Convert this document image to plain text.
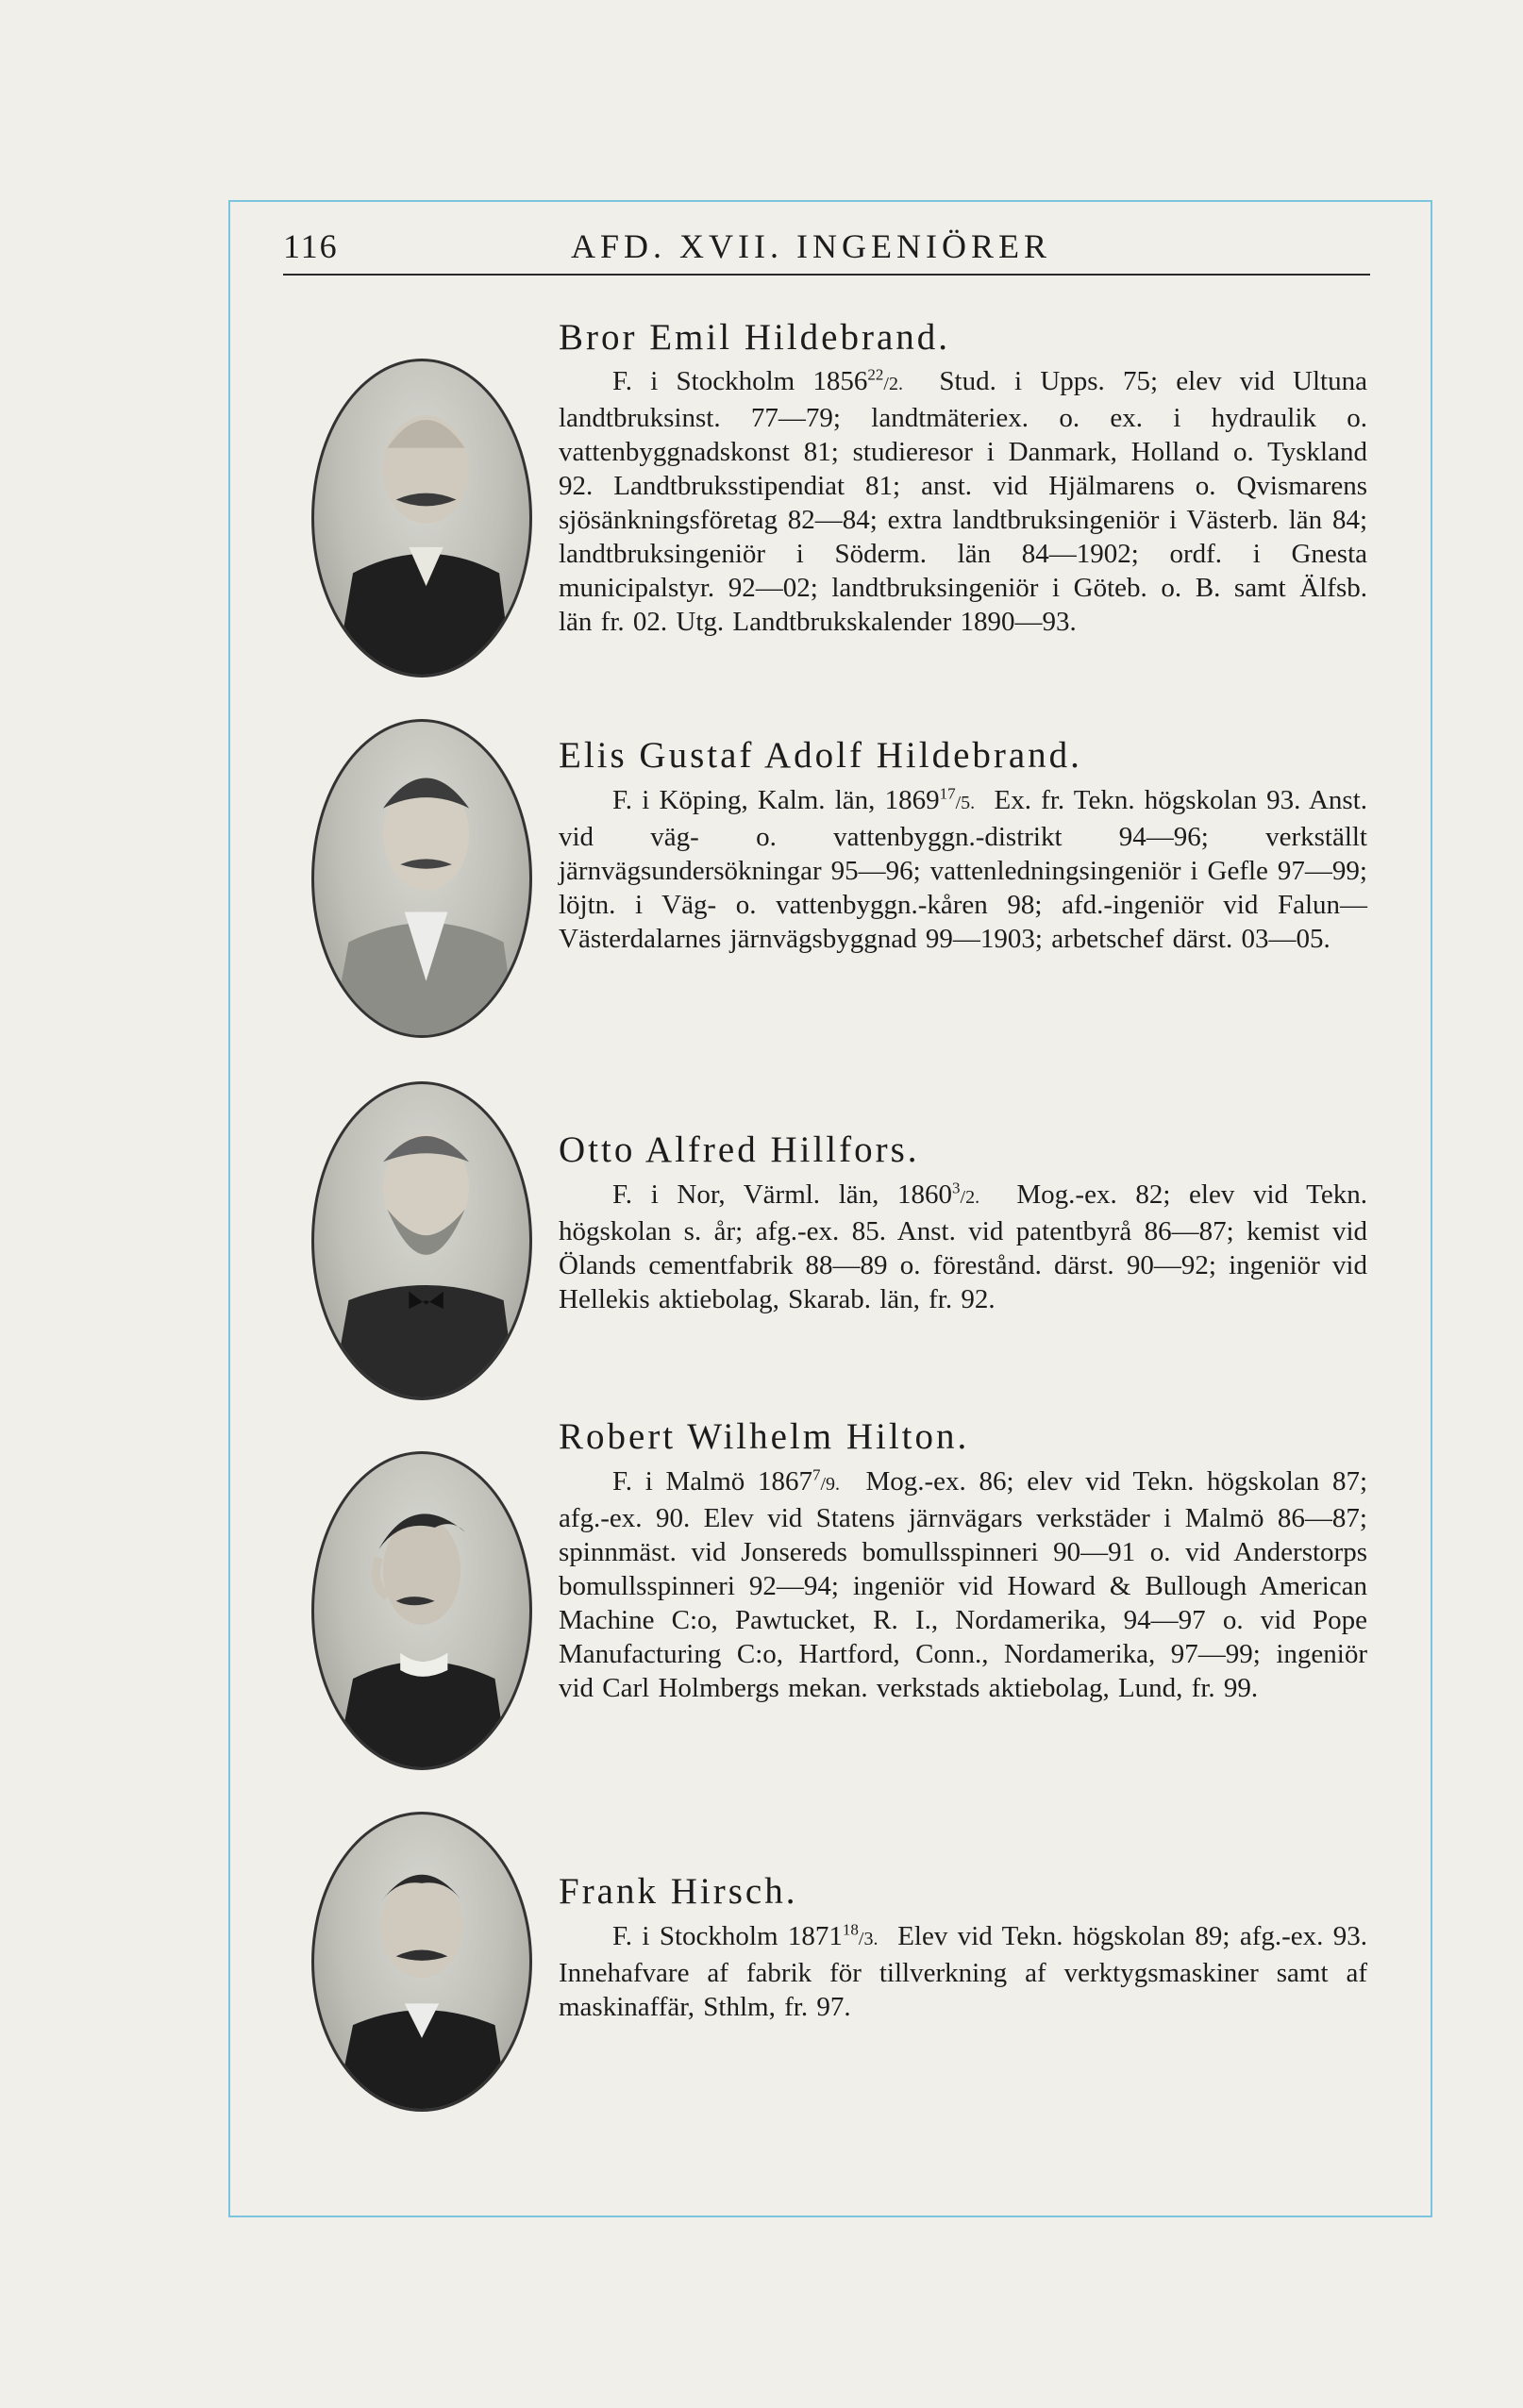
116	AFD. XVII. INGENIÖRER
Bror Emil Hildebrand.
F. i Stockholm 1856$^{22}$/2. Stud. i Upps. 75; elev vid Ultuna landtbruksinst. 77—79; landtmäteriex. o. ex. i hydraulik o. vattenbyggnadskonst 81; studieresor i Danmark, Holland o. Tyskland 92. Landtbruksstipendiat 81; anst. vid Hjälmarens o. Qvismarens sjösänkningsföretag 82—84; extra landtbruksingeniör i Västerb. län 84; landtbruksingeniör i Söderm. län 84—1902; ordf. i Gnesta municipalstyr. 92—02; landtbruksingeniör i Göteb. o. B. samt Älfsb. län fr. 02. Utg. Landtbrukskalender 1890—93.
Elis Gustaf Adolf Hildebrand.
F. i Köping, Kalm. län, 1869$^{17}$/5. Ex. fr. Tekn. högskolan 93. Anst. vid väg- o. vattenbyggn.-distrikt 94—96; verkställt järnvägsundersökningar 95—96; vattenledningsingeniör i Gefle 97—99; löjtn. i Väg- o. vattenbyggn.-kåren 98; afd.-ingeniör vid Falun—Västerdalarnes järnvägsbyggnad 99—1903; arbetschef därst. 03—05.
Otto Alfred Hillfors.
F. i Nor, Värml. län, 1860$^3$/2. Mog.-ex. 82; elev vid Tekn. högskolan s. år; afg.-ex. 85. Anst. vid patentbyrå 86—87; kemist vid Ölands cementfabrik 88—89 o. förestånd. därst. 90—92; ingeniör vid Hellekis aktiebolag, Skarab. län, fr. 92.
Robert Wilhelm Hilton.
F. i Malmö 1867$^7$/9. Mog.-ex. 86; elev vid Tekn. högskolan 87; afg.-ex. 90. Elev vid Statens järnvägars verkstäder i Malmö 86—87; spinnmäst. vid Jonsereds bomullsspinneri 90—91 o. vid Anderstorps bomullsspinneri 92—94; ingeniör vid Howard & Bullough American Machine C:o, Pawtucket, R. I., Nordamerika, 94—97 o. vid Pope Manufacturing C:o, Hartford, Conn., Nordamerika, 97—99; ingeniör vid Carl Holmbergs mekan. verkstads aktiebolag, Lund, fr. 99.
Frank Hirsch.
F. i Stockholm 1871$^{18}$/3. Elev vid Tekn. högskolan 89; afg.-ex. 93. Innehafvare af fabrik för tillverkning af verktygsmaskiner samt af maskinaffär, Sthlm, fr. 97.
